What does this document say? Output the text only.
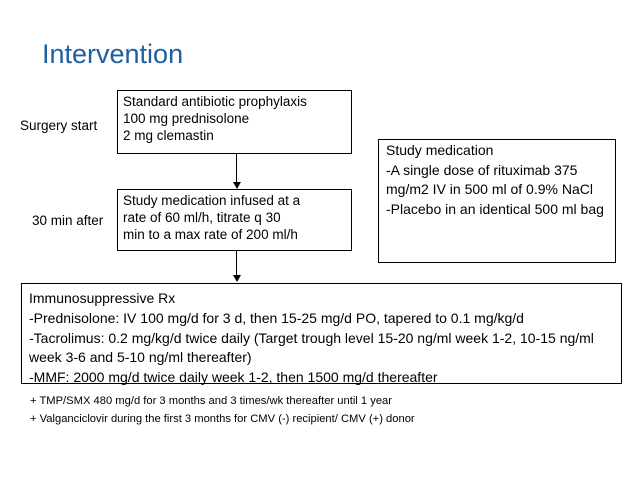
Intervention
Surgery start
30 min after
Standard antibiotic prophylaxis
100 mg prednisolone
2 mg clemastin
Study medication infused at a
rate of 60 ml/h, titrate q 30
min to a max rate of 200 ml/h
Study medication
-A single dose of rituximab 375 mg/m2 IV in 500 ml of 0.9% NaCl
-Placebo in an identical 500 ml bag
Immunosuppressive Rx
-Prednisolone: IV 100 mg/d for 3 d, then 15-25 mg/d PO, tapered to 0.1 mg/kg/d
-Tacrolimus: 0.2 mg/kg/d twice daily (Target trough level 15-20 ng/ml week 1-2, 10-15 ng/ml week 3-6 and 5-10 ng/ml thereafter)
-MMF: 2000 mg/d twice daily week 1-2, then 1500 mg/d thereafter
+ TMP/SMX 480 mg/d for 3 months and 3 times/wk thereafter until 1 year
+ Valganciclovir during the first 3 months for CMV (-) recipient/ CMV (+) donor
